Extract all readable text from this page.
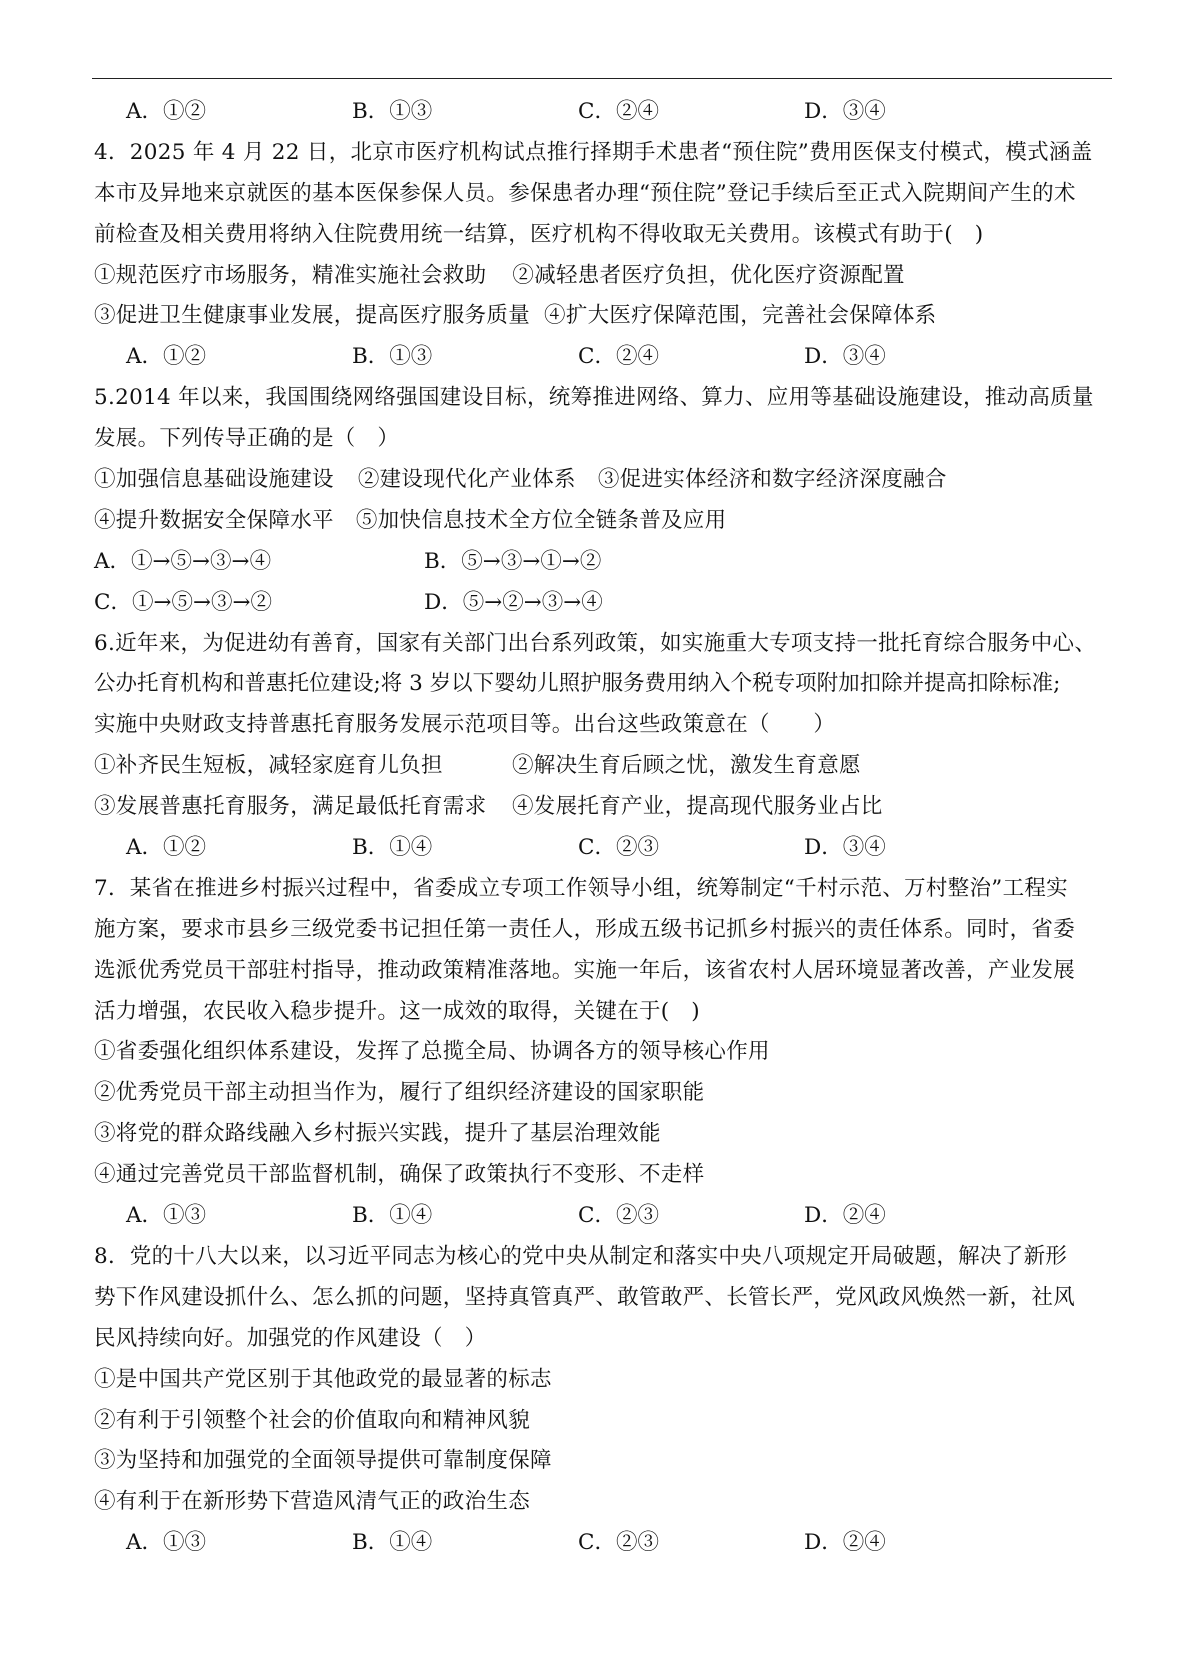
A．①②	B．①③	C．②④	D．③④
4．2025 年 4 月 22 日，北京市医疗机构试点推行择期手术患者“预住院”费用医保支付模式，模式涵盖
本市及异地来京就医的基本医保参保人员。参保患者办理“预住院”登记手续后至正式入院期间产生的术
前检查及相关费用将纳入住院费用统一结算，医疗机构不得收取无关费用。该模式有助于(　)
①规范医疗市场服务，精准实施社会救助 ②减轻患者医疗负担，优化医疗资源配置
③促进卫生健康事业发展，提高医疗服务质量 ④扩大医疗保障范围，完善社会保障体系
A．①②	B．①③	C．②④	D．③④
5.2014 年以来，我国围绕网络强国建设目标，统筹推进网络、算力、应用等基础设施建设，推动高质量
发展。下列传导正确的是（　）
①加强信息基础设施建设 ②建设现代化产业体系 ③促进实体经济和数字经济深度融合
④提升数据安全保障水平 ⑤加快信息技术全方位全链条普及应用
A．①→⑤→③→④	B．⑤→③→①→②
C．①→⑤→③→②	D．⑤→②→③→④
6.近年来，为促进幼有善育，国家有关部门出台系列政策，如实施重大专项支持一批托育综合服务中心、
公办托育机构和普惠托位建设;将 3 岁以下婴幼儿照护服务费用纳入个税专项附加扣除并提高扣除标准;
实施中央财政支持普惠托育服务发展示范项目等。出台这些政策意在（　　）
①补齐民生短板，减轻家庭育儿负担	②解决生育后顾之忧，激发生育意愿
③发展普惠托育服务，满足最低托育需求 ④发展托育产业，提高现代服务业占比
A．①②	B．①④	C．②③	D．③④
7．某省在推进乡村振兴过程中，省委成立专项工作领导小组，统筹制定“千村示范、万村整治”工程实
施方案，要求市县乡三级党委书记担任第一责任人，形成五级书记抓乡村振兴的责任体系。同时，省委
选派优秀党员干部驻村指导，推动政策精准落地。实施一年后，该省农村人居环境显著改善，产业发展
活力增强，农民收入稳步提升。这一成效的取得，关键在于(　)
①省委强化组织体系建设，发挥了总揽全局、协调各方的领导核心作用
②优秀党员干部主动担当作为，履行了组织经济建设的国家职能
③将党的群众路线融入乡村振兴实践，提升了基层治理效能
④通过完善党员干部监督机制，确保了政策执行不变形、不走样
A．①③	B．①④	C．②③	D．②④
8．党的十八大以来，以习近平同志为核心的党中央从制定和落实中央八项规定开局破题，解决了新形
势下作风建设抓什么、怎么抓的问题，坚持真管真严、敢管敢严、长管长严，党风政风焕然一新，社风
民风持续向好。加强党的作风建设（　）
①是中国共产党区别于其他政党的最显著的标志
②有利于引领整个社会的价值取向和精神风貌
③为坚持和加强党的全面领导提供可靠制度保障
④有利于在新形势下营造风清气正的政治生态
A．①③	B．①④	C．②③	D．②④
